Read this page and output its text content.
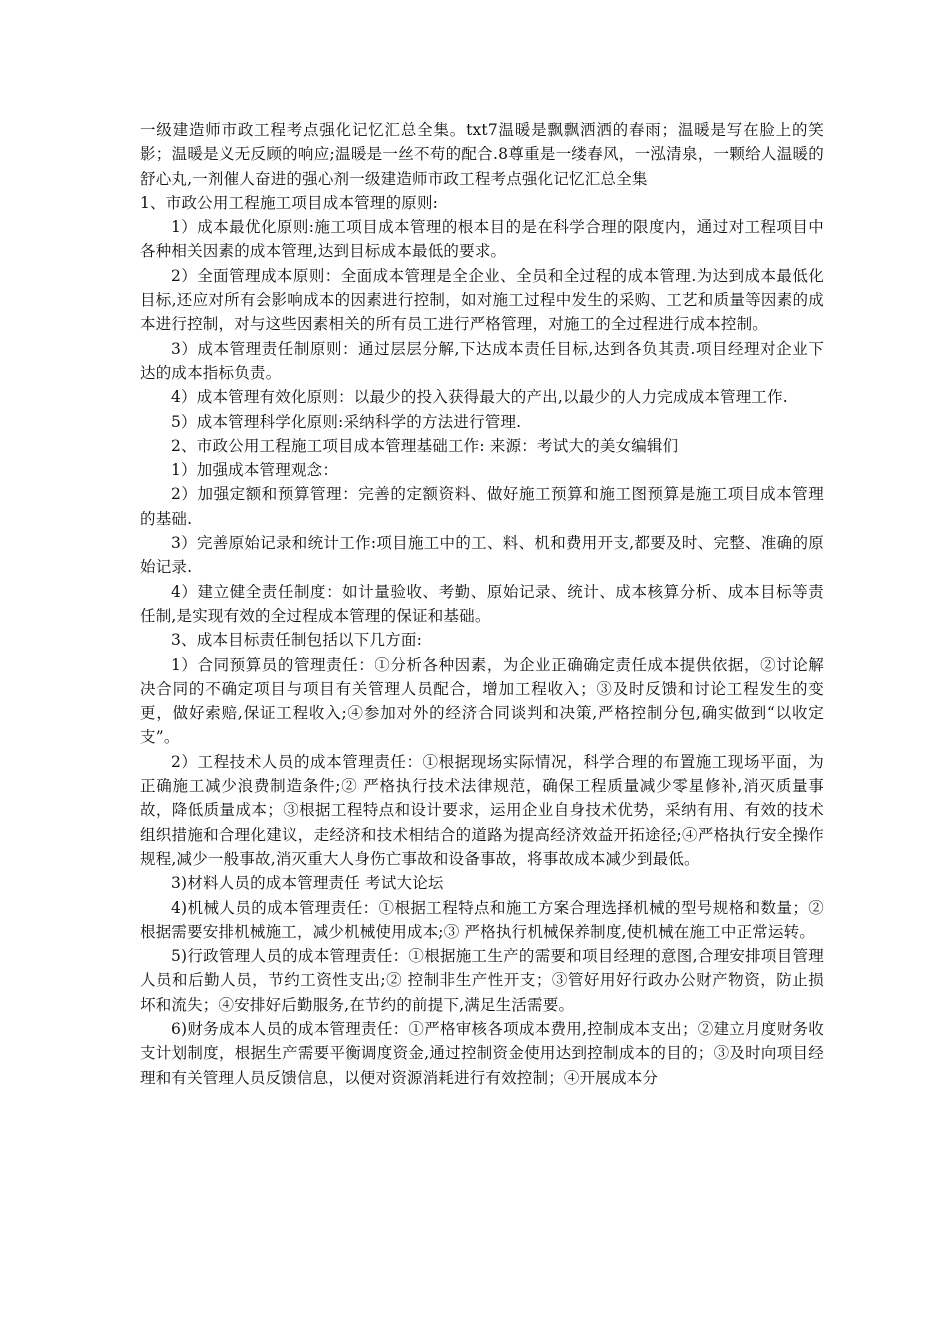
一级建造师市政工程考点强化记忆汇总全集。txt7温暖是飘飘洒洒的春雨；温暖是写在脸上的笑影；温暖是义无反顾的响应;温暖是一丝不苟的配合.8尊重是一缕春风，一泓清泉，一颗给人温暖的舒心丸,一剂催人奋进的强心剂一级建造师市政工程考点强化记忆汇总全集

1、市政公用工程施工项目成本管理的原则:

1）成本最优化原则:施工项目成本管理的根本目的是在科学合理的限度内，通过对工程项目中各种相关因素的成本管理,达到目标成本最低的要求。

2）全面管理成本原则：全面成本管理是全企业、全员和全过程的成本管理.为达到成本最低化目标,还应对所有会影响成本的因素进行控制，如对施工过程中发生的采购、工艺和质量等因素的成本进行控制，对与这些因素相关的所有员工进行严格管理，对施工的全过程进行成本控制。

3）成本管理责任制原则：通过层层分解,下达成本责任目标,达到各负其责.项目经理对企业下达的成本指标负责。

4）成本管理有效化原则：以最少的投入获得最大的产出,以最少的人力完成成本管理工作.

5）成本管理科学化原则:采纳科学的方法进行管理.

2、市政公用工程施工项目成本管理基础工作: 来源：考试大的美女编辑们

1）加强成本管理观念：

2）加强定额和预算管理：完善的定额资料、做好施工预算和施工图预算是施工项目成本管理的基础.

3）完善原始记录和统计工作:项目施工中的工、料、机和费用开支,都要及时、完整、准确的原始记录.

4）建立健全责任制度：如计量验收、考勤、原始记录、统计、成本核算分析、成本目标等责任制,是实现有效的全过程成本管理的保证和基础。

3、成本目标责任制包括以下几方面:

1）合同预算员的管理责任：①分析各种因素，为企业正确确定责任成本提供依据，②讨论解决合同的不确定项目与项目有关管理人员配合，增加工程收入；③及时反馈和讨论工程发生的变更，做好索赔,保证工程收入;④参加对外的经济合同谈判和决策,严格控制分包,确实做到“以收定支”。

2）工程技术人员的成本管理责任：①根据现场实际情况，科学合理的布置施工现场平面，为正确施工减少浪费制造条件;② 严格执行技术法律规范，确保工程质量减少零星修补,消灭质量事故，降低质量成本；③根据工程特点和设计要求，运用企业自身技术优势，采纳有用、有效的技术组织措施和合理化建议，走经济和技术相结合的道路为提高经济效益开拓途径;④严格执行安全操作规程,减少一般事故,消灭重大人身伤亡事故和设备事故，将事故成本减少到最低。

3)材料人员的成本管理责任 考试大论坛

4)机械人员的成本管理责任：①根据工程特点和施工方案合理选择机械的型号规格和数量；②根据需要安排机械施工，减少机械使用成本;③ 严格执行机械保养制度,使机械在施工中正常运转。

5)行政管理人员的成本管理责任：①根据施工生产的需要和项目经理的意图,合理安排项目管理人员和后勤人员，节约工资性支出;② 控制非生产性开支；③管好用好行政办公财产物资，防止损坏和流失；④安排好后勤服务,在节约的前提下,满足生活需要。

6)财务成本人员的成本管理责任：①严格审核各项成本费用,控制成本支出；②建立月度财务收支计划制度，根据生产需要平衡调度资金,通过控制资金使用达到控制成本的目的；③及时向项目经理和有关管理人员反馈信息，以便对资源消耗进行有效控制；④开展成本分
